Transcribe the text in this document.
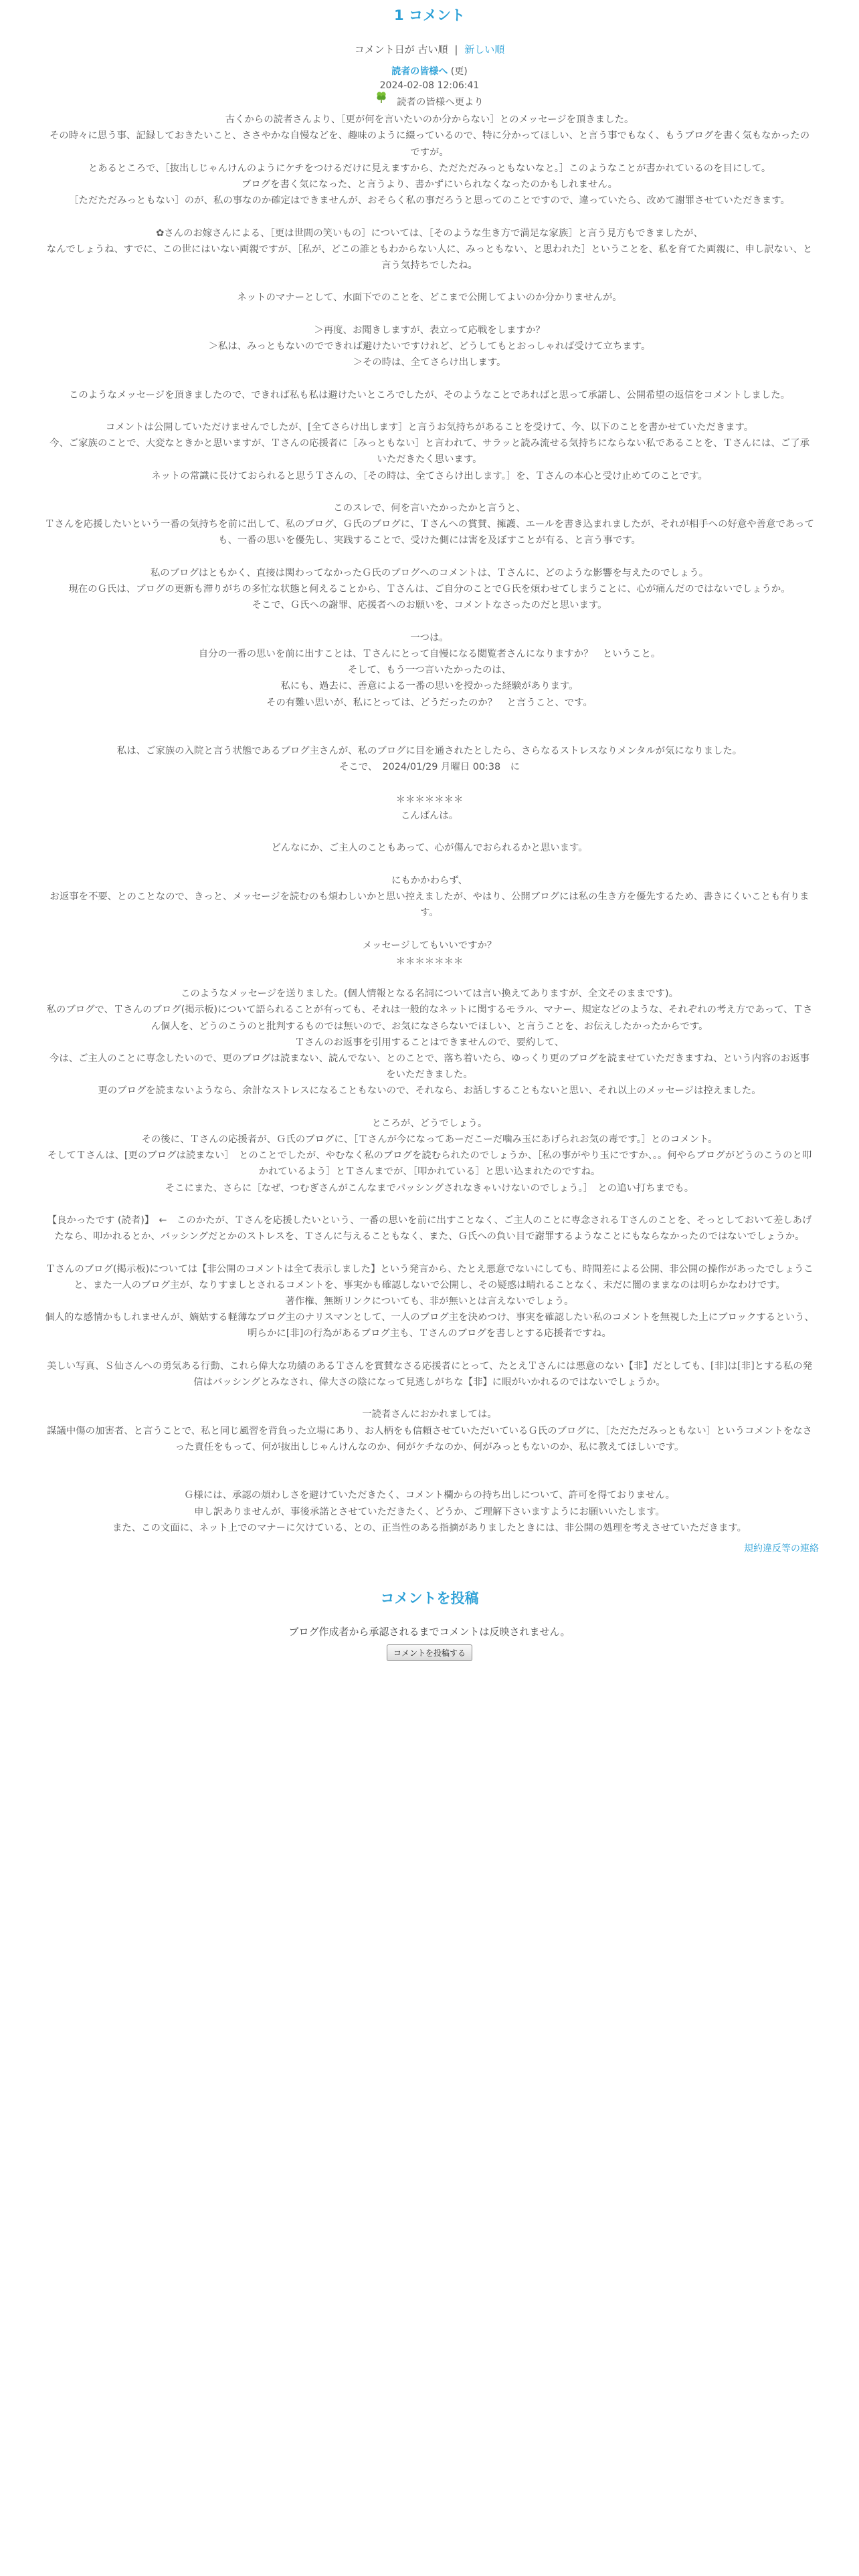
1 コメント
コメント日が 古い順 | 新しい順
読者の皆様へ (更)
2024-02-08 12:06:41

読者の皆様へ更より

古くからの読者さんより、［更が何を言いたいのか分からない］とのメッセージを頂きました。

その時々に思う事、記録しておきたいこと、ささやかな自慢などを、趣味のように綴っているので、特に分かってほしい、と言う事でもなく、もうブログを書く気もなかったのですが。

とあるところで、［抜出しじゃんけんのようにケチをつけるだけに見えますから、ただただみっともないなと。］このようなことが書かれているのを目にして。

ブログを書く気になった、と言うより、書かずにいられなくなったのかもしれません。

［ただただみっともない］のが、私の事なのか確定はできませんが、おそらく私の事だろうと思ってのことですので、違っていたら、改めて謝罪させていただきます。

✿さんのお嫁さんによる、［更は世間の笑いもの］については、［そのような生き方で満足な家族］と言う見方もできましたが、

なんでしょうね、すでに、この世にはいない両親ですが、［私が、どこの誰ともわからない人に、みっともない、と思われた］ということを、私を育てた両親に、申し訳ない、と言う気持ちでしたね。

ネットのマナーとして、水面下でのことを、どこまで公開してよいのか分かりませんが。

＞再度、お聞きしますが、表立って応戦をしますか？

＞私は、みっともないのでできれば避けたいですけれど、どうしてもとおっしゃれば受けて立ちます。

＞その時は、全てさらけ出します。

このようなメッセージを頂きましたので、できれば私も私は避けたいところでしたが、そのようなことであればと思って承諾し、公開希望の返信をコメントしました。

コメントは公開していただけませんでしたが、[全てさらけ出します］と言うお気持ちがあることを受けて、今、以下のことを書かせていただきます。

今、ご家族のことで、大変なときかと思いますが、Ｔさんの応援者に［みっともない］と言われて、サラッと読み流せる気持ちにならない私であることを、Ｔさんには、ご了承いただきたく思います。

ネットの常識に長けておられると思うＴさんの、［その時は、全てさらけ出します。］を、Ｔさんの本心と受け止めてのことです。

このスレで、何を言いたかったかと言うと、

Ｔさんを応援したいという一番の気持ちを前に出して、私のブログ、Ｇ氏のブログに、Ｔさんへの賞賛、擁護、エールを書き込まれましたが、それが相手への好意や善意であっても、一番の思いを優先し、実践することで、受けた側には害を及ぼすことが有る、と言う事です。

私のブログはともかく、直接は関わってなかったＧ氏のブログへのコメントは、Ｔさんに、どのような影響を与えたのでしょう。

現在のＧ氏は、ブログの更新も滞りがちの多忙な状態と何えることから、Ｔさんは、ご自分のことでＧ氏を煩わせてしまうことに、心が痛んだのではないでしょうか。

そこで、Ｇ氏への謝罪、応援者へのお願いを、コメントなさったのだと思います。

一つは。

自分の一番の思いを前に出すことは、Ｔさんにとって自慢になる閲覧者さんになりますか？　ということ。

そして、もう一つ言いたかったのは、

私にも、過去に、善意による一番の思いを授かった経験があります。

その有難い思いが、私にとっては、どうだったのか？　と言うこと、です。

私は、ご家族の入院と言う状態であるブログ主さんが、私のブログに目を通されたとしたら、さらなるストレスなりメンタルが気になりました。

そこで、　2024/01/29 月曜日 00:38　に

＊＊＊＊＊＊＊

こんばんは。

どんなにか、ご主人のこともあって、心が傷んでおられるかと思います。

にもかかわらず、

お返事を不要、とのことなので、きっと、メッセージを読むのも煩わしいかと思い控えましたが、やはり、公開ブログには私の生き方を優先するため、書きにくいことも有ります。

メッセージしてもいいですか？

＊＊＊＊＊＊＊

このようなメッセージを送りました。(個人情報となる名詞については言い換えてありますが、全文そのままです)。

私のブログで、Ｔさんのブログ(掲示板)について語られることが有っても、それは一般的なネットに関するモラル、マナー、規定などのような、それぞれの考え方であって、Ｔさん個人を、どうのこうのと批判するものでは無いので、お気になさらないでほしい、と言うことを、お伝えしたかったからです。

Ｔさんのお返事を引用することはできませんので、要約して、

今は、ご主人のことに専念したいので、更のブログは読まない、読んでない、とのことで、落ち着いたら、ゆっくり更のブログを読ませていただきますね、という内容のお返事をいただきました。

更のブログを読まないようなら、余計なストレスになることもないので、それなら、お話しすることもないと思い、それ以上のメッセージは控えました。

ところが、どうでしょう。

その後に、Ｔさんの応援者が、Ｇ氏のブログに、［Ｔさんが今になってあーだこーだ噛み玉にあげられお気の毒です。］とのコメント。

そしてＴさんは、[更のブログは読まない］　とのことでしたが、やむなく私のブログを読むられたのでしょうか、［私の事がやり玉にですか、。。何やらブログがどうのこうのと叩かれているよう］とＴさんまでが、［叩かれている］と思い込まれたのですね。

そこにまた、さらに［なぜ、つむぎさんがこんなまでパッシングされなきゃいけないのでしょう。］　との追い打ちまでも。

【良かったです (読者)】　←　このかたが、Ｔさんを応援したいという、一番の思いを前に出すことなく、ご主人のことに専念されるＴさんのことを、そっとしておいて差しあげたなら、叩かれるとか、バッシングだとかのストレスを、Ｔさんに与えることもなく、また、Ｇ氏への負い目で謝罪するようなことにもならなかったのではないでしょうか。

Ｔさんのブログ(掲示板)については【非公開のコメントは全て表示しました】という発言から、たとえ悪意でないにしても、時間差による公開、非公開の操作があったでしょうこと、また一人のブログ主が、なりすましとされるコメントを、事実かも確認しないで公開し、その疑惑は晴れることなく、未だに闇のままなのは明らかなわけです。

著作権、無断リンクについても、非が無いとは言えないでしょう。

個人的な感情かもしれませんが、嫡姑する軽薄なブログ主のナリスマンとして、一人のブログ主を決めつけ、事実を確認したい私のコメントを無視した上にブロックするという、明らかに[非]の行為があるブログ主も、Ｔさんのブログを書しとする応援者ですね。

美しい写真、Ｓ仙さんへの勇気ある行動、これら偉大な功績のあるＴさんを賞賛なさる応援者にとって、たとえＴさんには悪意のない【非】だとしても、[非]は[非]とする私の発信はバッシングとみなされ、偉大さの陰になって見逃しがちな【非】に眼がいかれるのではないでしょうか。

一読者さんにおかれましては。

謀議中傷の加害者、と言うことで、私と同じ風習を背負った立場にあり、お人柄をも信頼させていただいているＧ氏のブログに、［ただただみっともない］というコメントをなさった責任をもって、何が抜出しじゃんけんなのか、何がケチなのか、何がみっともないのか、私に教えてほしいです。

Ｇ様には、承認の煩わしさを避けていただきたく、コメント欄からの持ち出しについて、許可を得ておりません。

申し訳ありませんが、事後承諾とさせていただきたく、どうか、ご理解下さいますようにお願いいたします。

また、この文面に、ネット上でのマナーに欠けている、との、正当性のある指摘がありましたときには、非公開の処理を考えさせていただきます。

規約違反等の連絡
コメントを投稿
ブログ作成者から承認されるまでコメントは反映されません。
コメントを投稿する
